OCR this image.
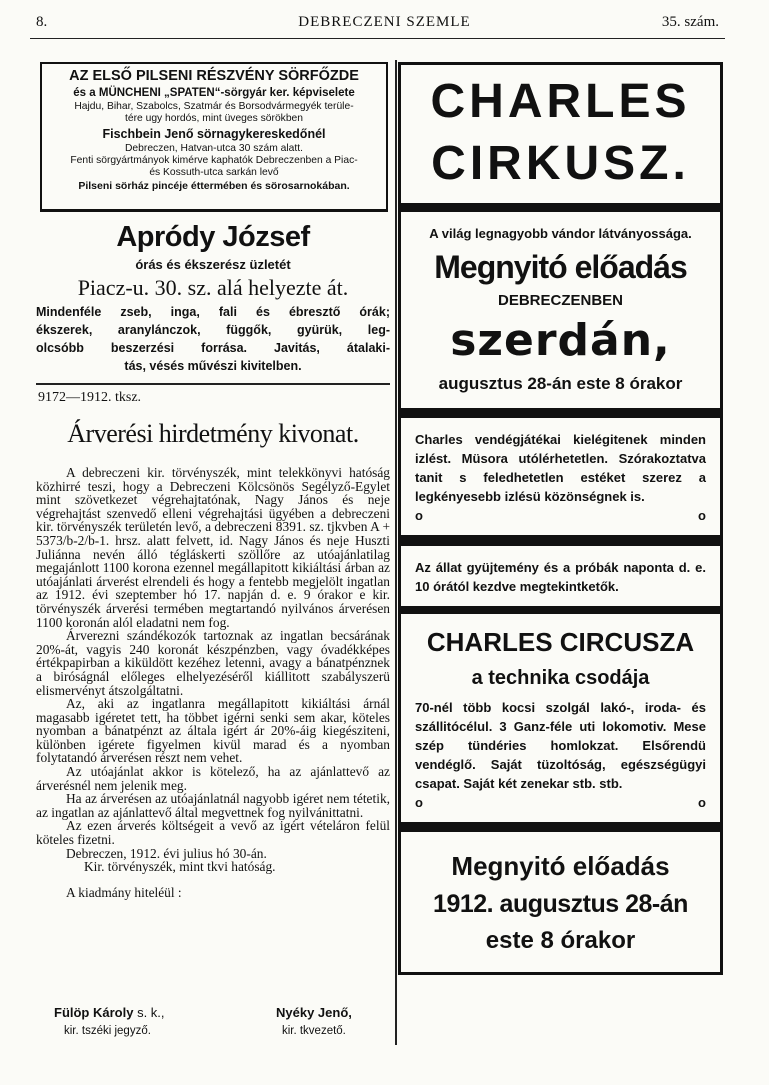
8.	DEBRECZENI SZEMLE	35. szám.
AZ ELSŐ PILSENI RÉSZVÉNY SÖRFŐZDE
és a MÜNCHENI „SPATEN“-sörgyár ker. képviselete
Hajdu, Bihar, Szabolcs, Szatmár és Borsodvármegyék terüle-
tére ugy hordós, mint üveges sörökben
Fischbein Jenő sörnagykereskedőnél
Debreczen, Hatvan-utca 30 szám alatt.
Fenti sörgyártmányok kimérve kaphatók Debreczenben a Piac-
és Kossuth-utca sarkán levő
Pilseni sörház pincéje éttermében és sörosarnokában.
Apródy József
órás és ékszerész üzletét
Piacz-u. 30. sz. alá helyezte át.
Mindenféle zseb, inga, fali és ébresztő órák;
ékszerek, aranylánczok, függők, gyürük, leg-
olcsóbb beszerzési forrása. Javitás, átalaki-
tás, vésés művészi kivitelben.
9172—1912. tksz.
Árverési hirdetmény kivonat.

A debreczeni kir. törvényszék, mint telekkönyvi hatóság közhirré teszi, hogy a Debreczeni Kölcsönös Segélyző-Egylet mint szövetkezet végrehajtatónak, Nagy János és neje végrehajtást szenvedő elleni végrehajtási ügyében a debreczeni kir. törvényszék területén levő, a debreczeni 8391. sz. tjkvben A + 5373/b-2/b-1. hrsz. alatt felvett, id. Nagy János és neje Huszti Juliánna nevén álló tégláskerti szöllőre az utóajánlatilag megajánlott 1100 korona ezennel megállapitott kikiáltási árban az utóajánlati árverést elrendeli és hogy a fentebb megjelölt ingatlan az 1912. évi szeptember hó 17. napján d. e. 9 órakor e kir. törvényszék árverési termében megtartandó nyilvános árverésen 1100 koronán alól eladatni nem fog.

Árverezni szándékozók tartoznak az ingatlan becsárának 20%-át, vagyis 240 koronát készpénzben, vagy óvadékképes értékpapirban a kiküldött kezéhez letenni, avagy a bánatpénznek a biróságnál előleges elhelyezéséről kiállitott szabályszerü elismervényt átszolgáltatni.

Az, aki az ingatlanra megállapitott kikiáltási árnál magasabb igéretet tett, ha többet igérni senki sem akar, köteles nyomban a bánatpénzt az általa igért ár 20%-áig kiegésziteni, különben igérete figyelmen kivül marad és a nyomban folytatandó árverésen részt nem vehet.

Az utóajánlat akkor is kötelező, ha az ajánlattevő az árverésnél nem jelenik meg.

Ha az árverésen az utóajánlatnál nagyobb igéret nem tétetik, az ingatlan az ajánlattevő által megvettnek fog nyilvánittatni.

Az ezen árverés költségeit a vevő az igért vételáron felül köteles fizetni.

Debreczen, 1912. évi julius hó 30-án.

Kir. törvényszék, mint tkvi hatóság.

A kiadmány hiteléül :

Fülöp Károly s. k.,
kir. tszéki jegyző.
Nyéky Jenő,
kir. tkvezető.
CHARLES
CIRKUSZ.
A világ legnagyobb vándor látványossága.
Megnyitó előadás
DEBRECZENBEN
szerdán,
augusztus 28-án este 8 órakor
Charles vendégjátékai kielégitenek minden izlést. Müsora utólérhetetlen. Szórakoztatva tanit s feledhetetlen estéket szerez a legkényesebb izlésü közönségnek is.
o	o
Az állat gyüjtemény és a próbák naponta d. e. 10 órától kezdve megtekintketők.
CHARLES CIRCUSZA
a technika csodája
70-nél több kocsi szolgál lakó-, iroda- és szállitócélul. 3 Ganz-féle uti lokomotiv. Mese szép tündéries homlokzat. Elsőrendü vendéglő. Saját tüzoltóság, egészségügyi csapat. Saját két zenekar stb. stb.
o	o
Megnyitó előadás
1912. augusztus 28-án
este 8 órakor
